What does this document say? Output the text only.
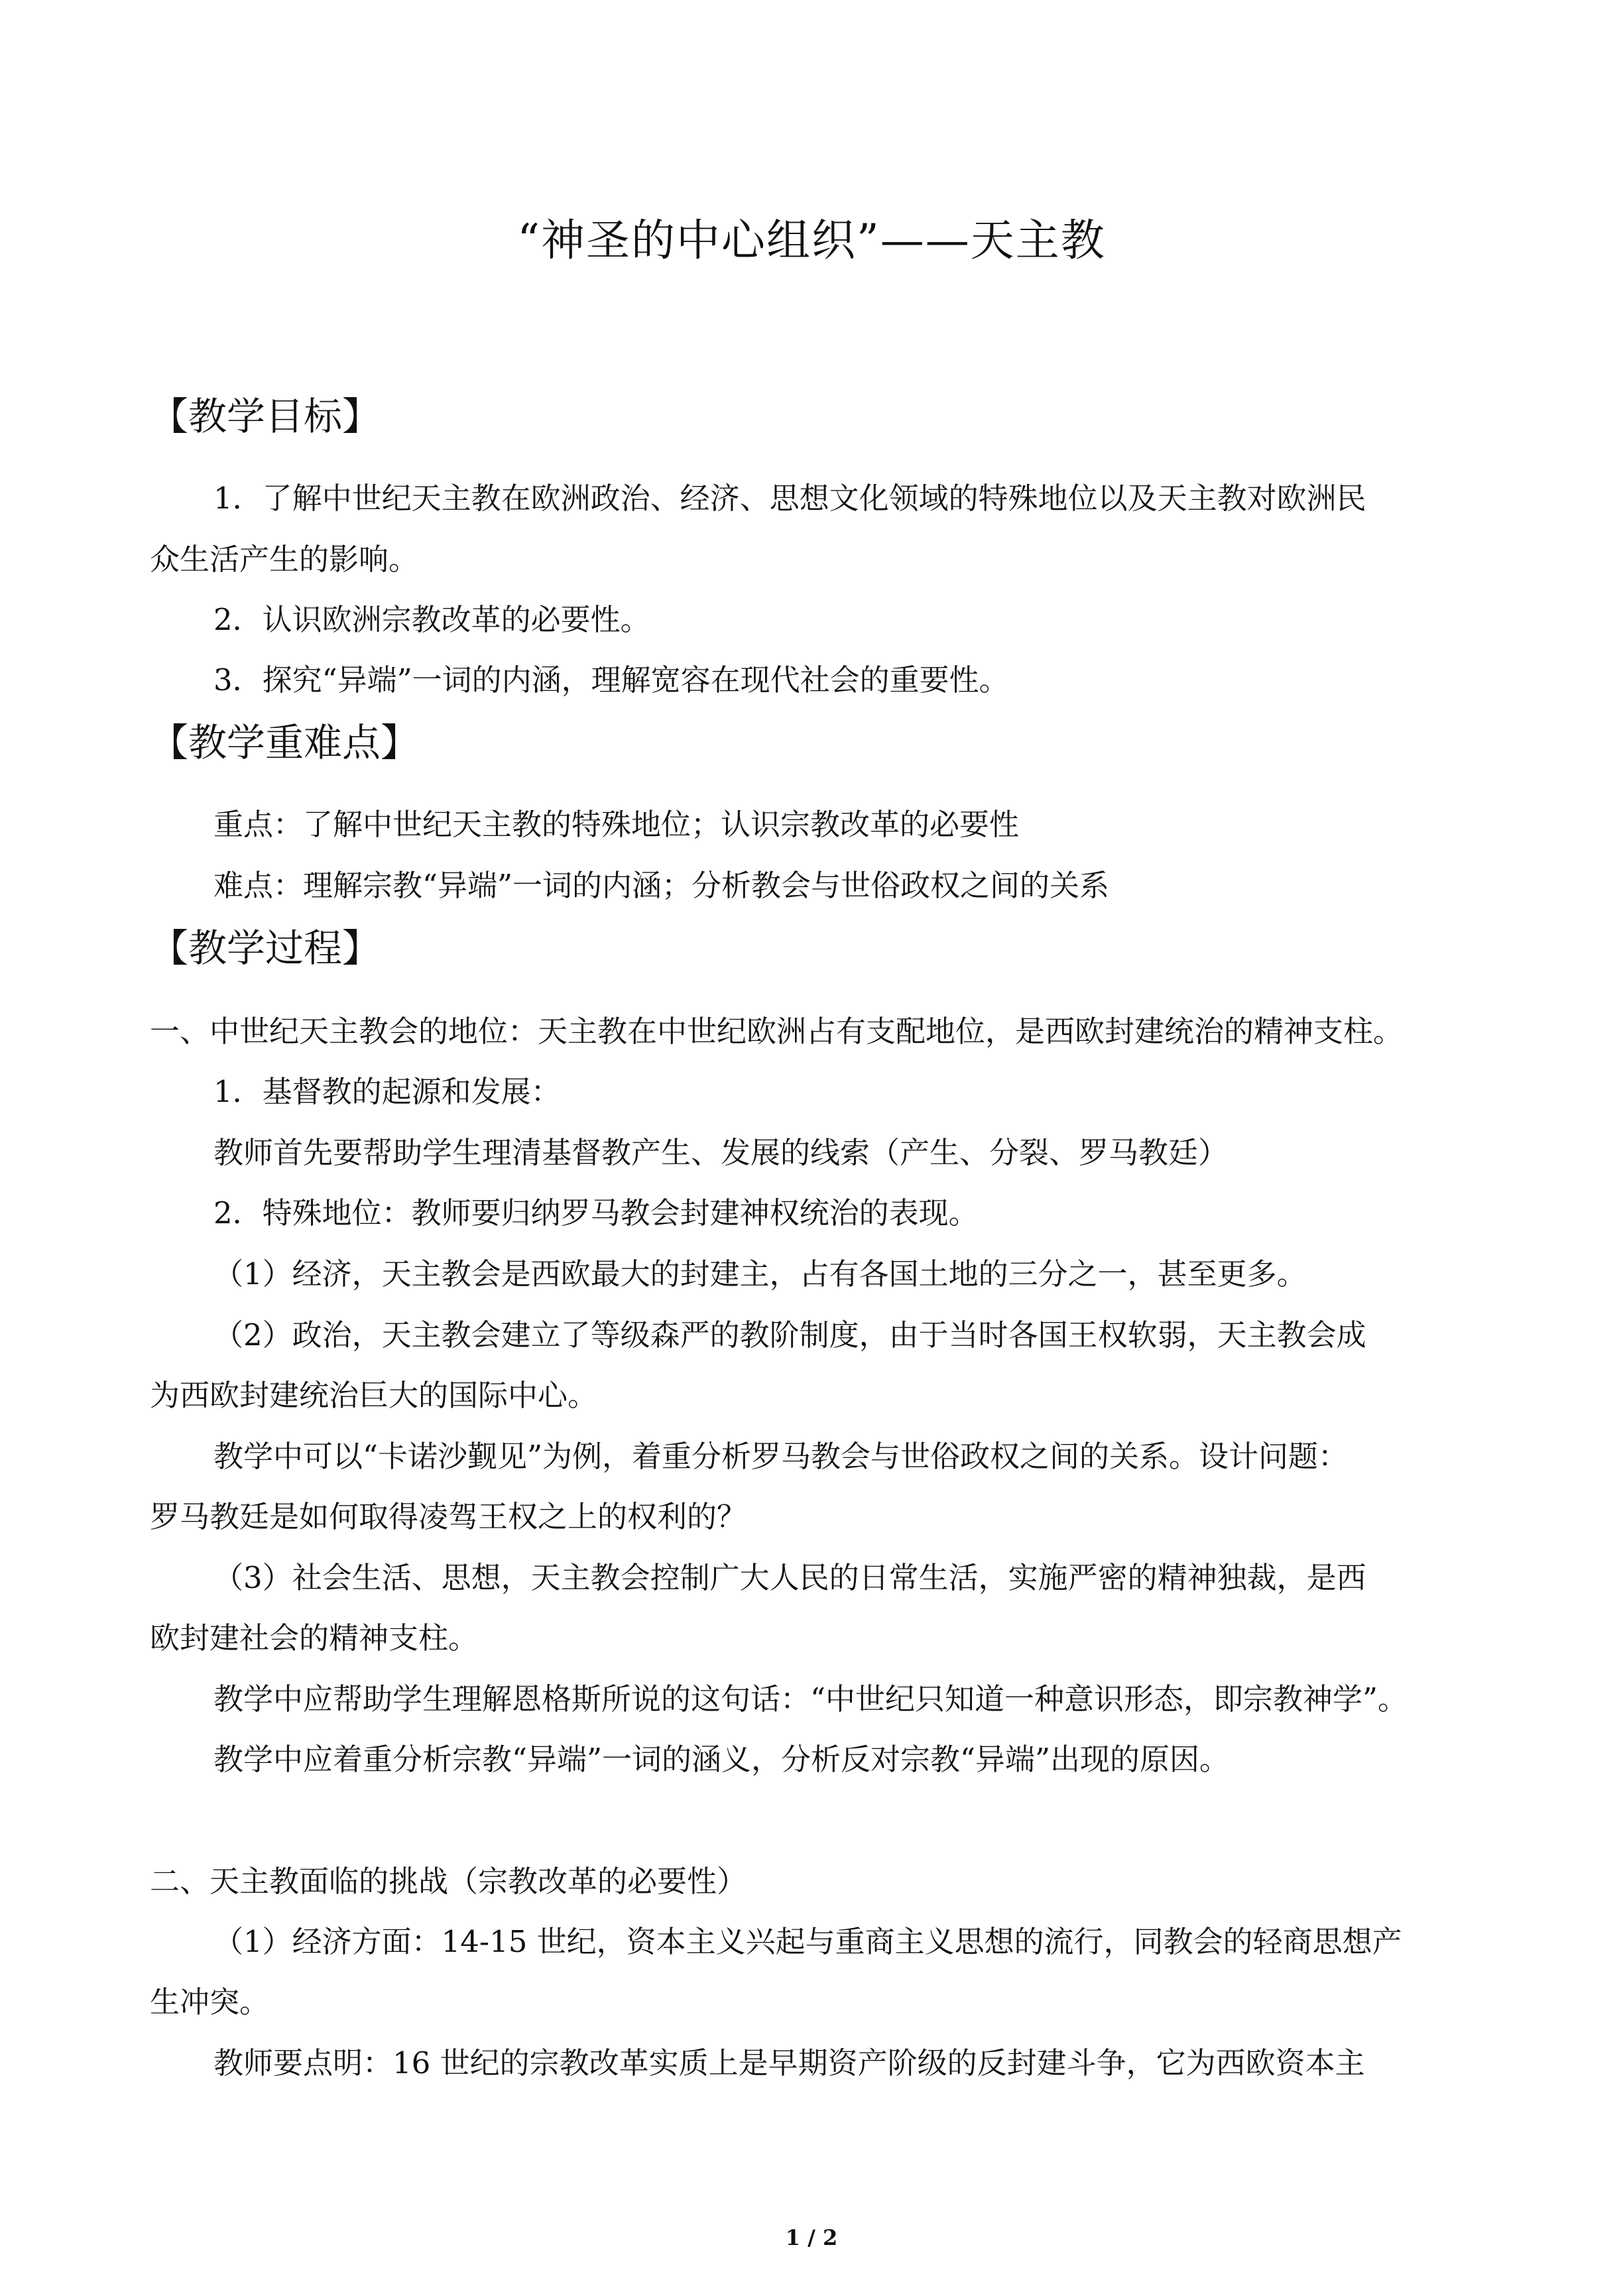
“神圣的中心组织”——天主教
【教学目标】
1．了解中世纪天主教在欧洲政治、经济、思想文化领域的特殊地位以及天主教对欧洲民
众生活产生的影响。
2．认识欧洲宗教改革的必要性。
3．探究“异端”一词的内涵，理解宽容在现代社会的重要性。
【教学重难点】
重点：了解中世纪天主教的特殊地位；认识宗教改革的必要性
难点：理解宗教“异端”一词的内涵；分析教会与世俗政权之间的关系
【教学过程】
一、中世纪天主教会的地位：天主教在中世纪欧洲占有支配地位，是西欧封建统治的精神支柱。
1．基督教的起源和发展：
教师首先要帮助学生理清基督教产生、发展的线索（产生、分裂、罗马教廷）
2．特殊地位：教师要归纳罗马教会封建神权统治的表现。
（1）经济，天主教会是西欧最大的封建主，占有各国土地的三分之一，甚至更多。
（2）政治，天主教会建立了等级森严的教阶制度，由于当时各国王权软弱，天主教会成
为西欧封建统治巨大的国际中心。
教学中可以“卡诺沙觐见”为例，着重分析罗马教会与世俗政权之间的关系。设计问题：
罗马教廷是如何取得凌驾王权之上的权利的？
（3）社会生活、思想，天主教会控制广大人民的日常生活，实施严密的精神独裁，是西
欧封建社会的精神支柱。
教学中应帮助学生理解恩格斯所说的这句话：“中世纪只知道一种意识形态，即宗教神学”。
教学中应着重分析宗教“异端”一词的涵义，分析反对宗教“异端”出现的原因。
二、天主教面临的挑战（宗教改革的必要性）
（1）经济方面：14-15 世纪，资本主义兴起与重商主义思想的流行，同教会的轻商思想产
生冲突。
教师要点明：16 世纪的宗教改革实质上是早期资产阶级的反封建斗争，它为西欧资本主
1 / 2
